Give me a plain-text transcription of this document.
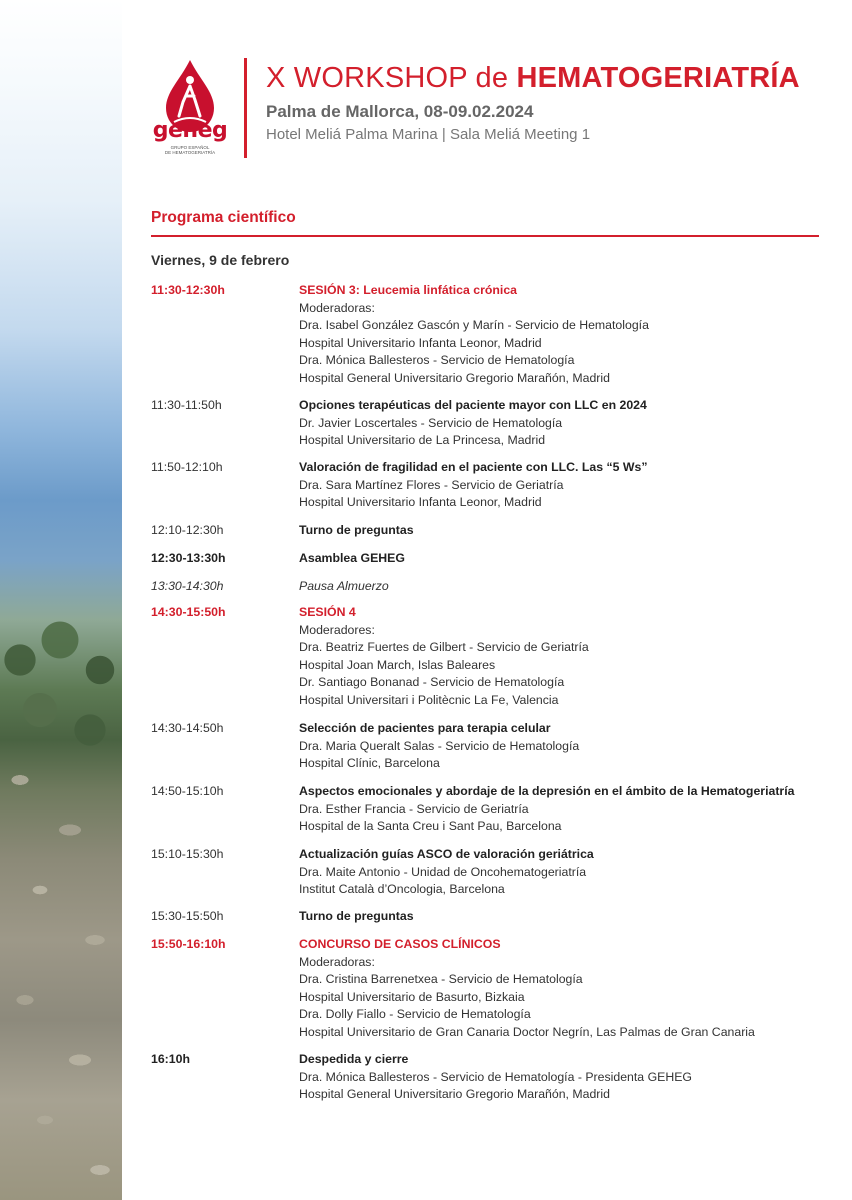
geheg
GRUPO ESPAÑOL
DE HEMATOGERIATRÍA
X WORKSHOP de HEMATOGERIATRÍA
Palma de Mallorca, 08-09.02.2024
Hotel Meliá Palma Marina | Sala Meliá Meeting 1
Programa científico
Viernes, 9 de febrero
11:30-12:30h	SESIÓN 3: Leucemia linfática crónica
Moderadoras:
Dra. Isabel González Gascón y Marín - Servicio de Hematología
Hospital Universitario Infanta Leonor, Madrid
Dra. Mónica Ballesteros - Servicio de Hematología
Hospital General Universitario Gregorio Marañón, Madrid
11:30-11:50h	Opciones terapéuticas del paciente mayor con LLC en 2024
Dr. Javier Loscertales - Servicio de Hematología
Hospital Universitario de La Princesa, Madrid
11:50-12:10h	Valoración de fragilidad en el paciente con LLC. Las “5 Ws”
Dra. Sara Martínez Flores - Servicio de Geriatría
Hospital Universitario Infanta Leonor, Madrid
12:10-12:30h	Turno de preguntas
12:30-13:30h	Asamblea GEHEG
13:30-14:30h	Pausa Almuerzo
14:30-15:50h	SESIÓN 4
Moderadores:
Dra. Beatriz Fuertes de Gilbert - Servicio de Geriatría
Hospital Joan March, Islas Baleares
Dr. Santiago Bonanad - Servicio de Hematología
Hospital Universitari i Politècnic La Fe, Valencia
14:30-14:50h	Selección de pacientes para terapia celular
Dra. Maria Queralt Salas - Servicio de Hematología
Hospital Clínic, Barcelona
14:50-15:10h	Aspectos emocionales y abordaje de la depresión en el ámbito de la Hematogeriatría
Dra. Esther Francia - Servicio de Geriatría
Hospital de la Santa Creu i Sant Pau, Barcelona
15:10-15:30h	Actualización guías ASCO de valoración geriátrica
Dra. Maite Antonio - Unidad de Oncohematogeriatría
Institut Català d’Oncologia, Barcelona
15:30-15:50h	Turno de preguntas
15:50-16:10h	CONCURSO DE CASOS CLÍNICOS
Moderadoras:
Dra. Cristina Barrenetxea - Servicio de Hematología
Hospital Universitario de Basurto, Bizkaia
Dra. Dolly Fiallo - Servicio de Hematología
Hospital Universitario de Gran Canaria Doctor Negrín, Las Palmas de Gran Canaria
16:10h	Despedida y cierre
Dra. Mónica Ballesteros - Servicio de Hematología - Presidenta GEHEG
Hospital General Universitario Gregorio Marañón, Madrid
